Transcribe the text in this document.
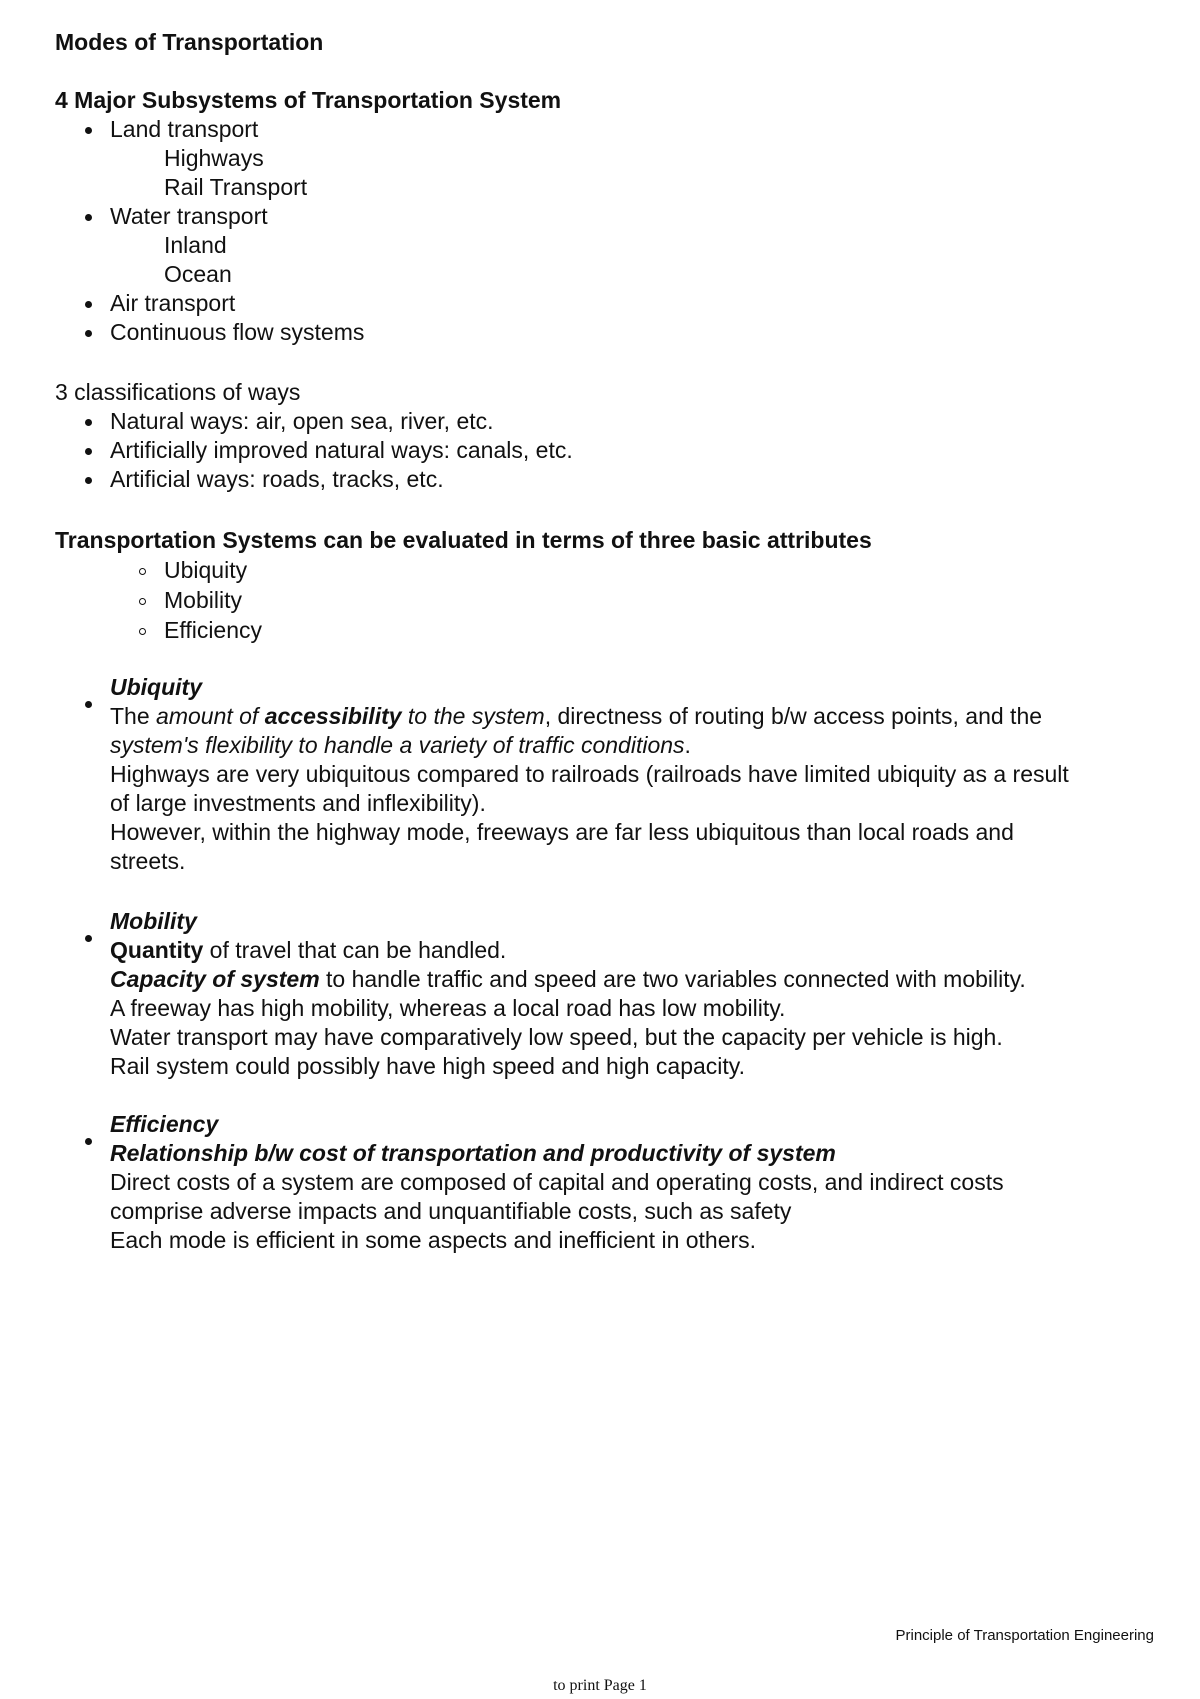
Modes of Transportation
4 Major Subsystems of Transportation System
Land transport
Highways
Rail Transport
Water transport
Inland
Ocean
Air transport
Continuous flow systems
3 classifications of ways
Natural ways: air, open sea, river, etc.
Artificially improved natural ways: canals, etc.
Artificial ways: roads, tracks, etc.
Transportation Systems can be evaluated in terms of three basic attributes
Ubiquity
Mobility
Efficiency
Ubiquity
The amount of accessibility to the system, directness of routing b/w access points, and the
system's flexibility to handle a variety of traffic conditions.
Highways are very ubiquitous compared to railroads (railroads have limited ubiquity as a result
of large investments and inflexibility).
However, within the highway mode, freeways are far less ubiquitous than local roads and
streets.
Mobility
Quantity of travel that can be handled.
Capacity of system to handle traffic and speed are two variables connected with mobility.
A freeway has high mobility, whereas a local road has low mobility.
Water transport may have comparatively low speed, but the capacity per vehicle is high.
Rail system could possibly have high speed and high capacity.
Efficiency
Relationship b/w cost of transportation and productivity of system
Direct costs of a system are composed of capital and operating costs, and indirect costs
comprise adverse impacts and unquantifiable costs, such as safety
Each mode is efficient in some aspects and inefficient in others.
Principle of Transportation Engineering
to print Page 1
